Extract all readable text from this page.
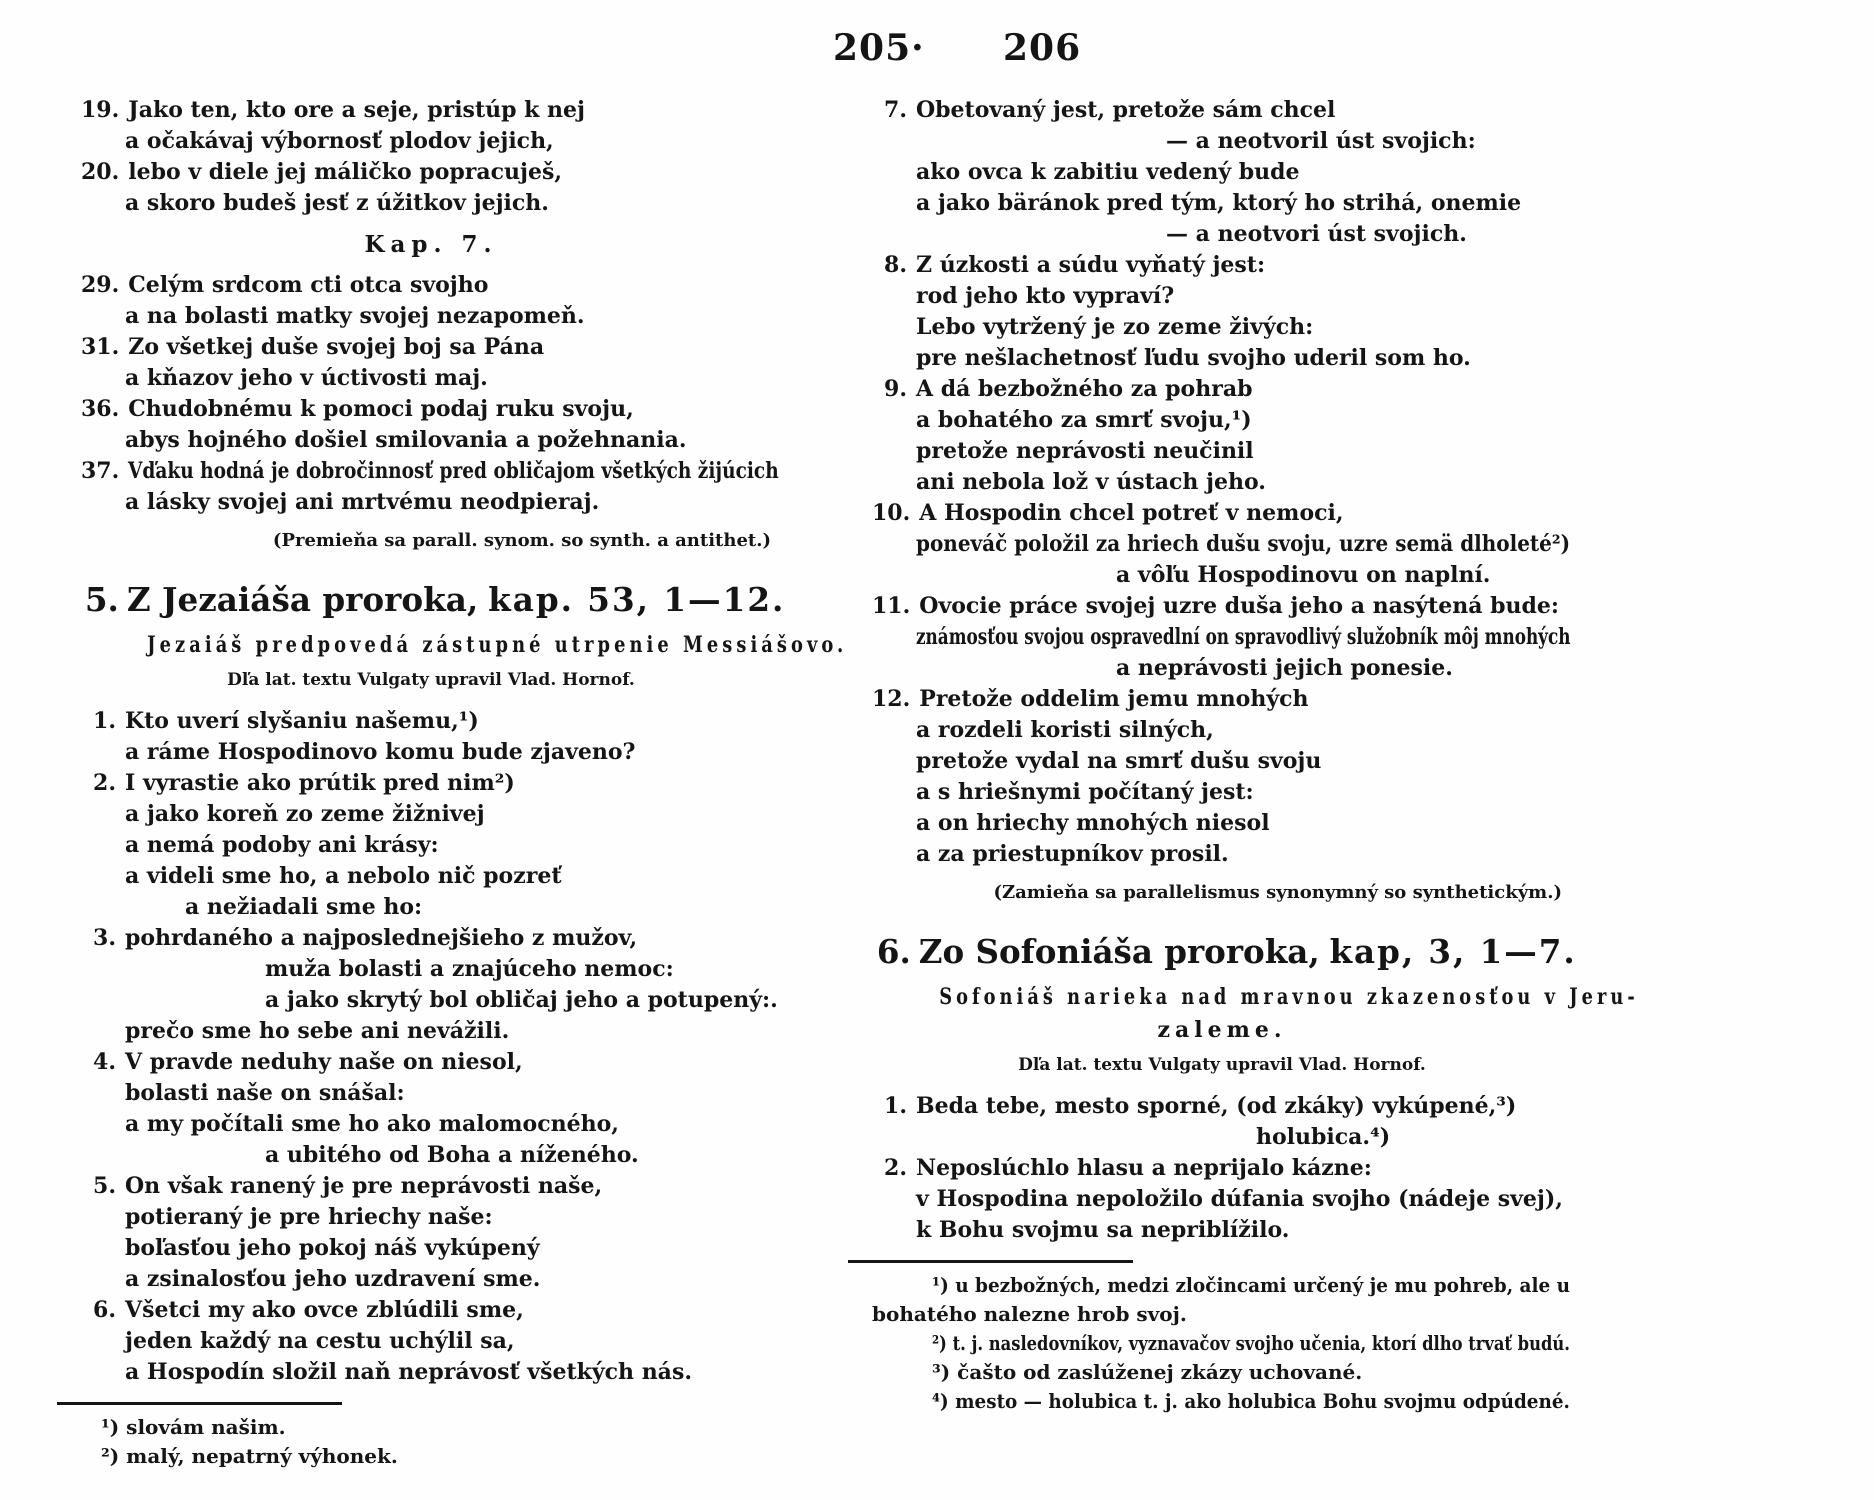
205· 206
19. Jako ten, kto ore a seje, pristúp k nej
a očakávaj výbornosť plodov jejich,
20. lebo v diele jej máličko popracuješ,
a skoro budeš jesť z úžitkov jejich.
Kap. 7.
29. Celým srdcom cti otca svojho
a na bolasti matky svojej nezapomeň.
31. Zo všetkej duše svojej boj sa Pána
a kňazov jeho v úctivosti maj.
36. Chudobnému k pomoci podaj ruku svoju,
abys hojného došiel smilovania a požehnania.
37. Vďaku hodná je dobročinnosť pred obličajom všetkých žijúcich
a lásky svojej ani mrtvému neodpieraj.
(Premieňa sa parall. synom. so synth. a antithet.)
5. Z Jezaiáša proroka, kap. 53, 1—12.
Jezaiáš predpovedá zástupné utrpenie Messiášovo.
Dľa lat. textu Vulgaty upravil Vlad. Hornof.
1. Kto uverí slyšaniu našemu,¹)
a ráme Hospodinovo komu bude zjaveno?
2. I vyrastie ako prútik pred nim²)
a jako koreň zo zeme žižnivej
a nemá podoby ani krásy:
a videli sme ho, a nebolo nič pozreť
a nežiadali sme ho:
3. pohrdaného a najposlednejšieho z mužov,
muža bolasti a znajúceho nemoc:
a jako skrytý bol obličaj jeho a potupený:.
prečo sme ho sebe ani nevážili.
4. V pravde neduhy naše on niesol,
bolasti naše on snášal:
a my počítali sme ho ako malomocného,
a ubitého od Boha a níženého.
5. On však ranený je pre neprávosti naše,
potieraný je pre hriechy naše:
boľasťou jeho pokoj náš vykúpený
a zsinalosťou jeho uzdravení sme.
6. Všetci my ako ovce zblúdili sme,
jeden každý na cestu uchýlil sa,
a Hospodín složil naň neprávosť všetkých nás.
¹) slovám našim.
²) malý, nepatrný výhonek.
7. Obetovaný jest, pretože sám chcel
— a neotvoril úst svojich:
ako ovca k zabitiu vedený bude
a jako bäránok pred tým, ktorý ho strihá, onemie
— a neotvori úst svojich.
8. Z úzkosti a súdu vyňatý jest:
rod jeho kto vypraví?
Lebo vytržený je zo zeme živých:
pre nešlachetnosť ľudu svojho uderil som ho.
9. A dá bezbožného za pohrab
a bohatého za smrť svoju,¹)
pretože neprávosti neučinil
ani nebola lož v ústach jeho.
10. A Hospodin chcel potreť v nemoci,
poneváč položil za hriech dušu svoju, uzre semä dlholeté²)
a vôľu Hospodinovu on naplní.
11. Ovocie práce svojej uzre duša jeho a nasýtená bude:
známosťou svojou ospravedlní on spravodlivý služobník môj mnohých
a neprávosti jejich ponesie.
12. Pretože oddelim jemu mnohých
a rozdeli koristi silných,
pretože vydal na smrť dušu svoju
a s hriešnymi počítaný jest:
a on hriechy mnohých niesol
a za priestupníkov prosil.
(Zamieňa sa parallelismus synonymný so synthetickým.)
6. Zo Sofoniáša proroka, kap, 3, 1—7.
Sofoniáš narieka nad mravnou zkazenosťou v Jeru-
zaleme.
Dľa lat. textu Vulgaty upravil Vlad. Hornof.
1. Beda tebe, mesto sporné, (od zkáky) vykúpené,³)
holubica.⁴)
2. Neposlúchlo hlasu a neprijalo kázne:
v Hospodina nepoložilo dúfania svojho (nádeje svej),
k Bohu svojmu sa nepriblížilo.
¹) u bezbožných, medzi zločincami určený je mu pohreb, ale u
bohatého nalezne hrob svoj.
²) t. j. nasledovníkov, vyznavačov svojho učenia, ktorí dlho trvať budú.
³) čašto od zaslúženej zkázy uchované.
⁴) mesto — holubica t. j. ako holubica Bohu svojmu odpúdené.
